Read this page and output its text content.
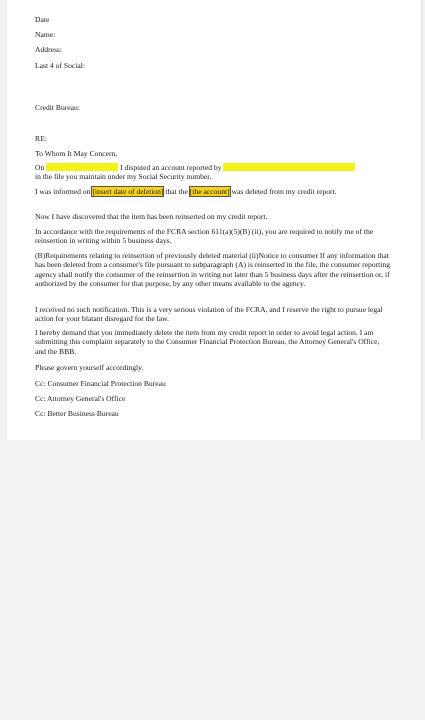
Date
Name:
Address:
Last 4 of Social:
Credit Bureau:
RE:
To Whom It May Concern,
On	I disputed an account reported by
in the file you maintain under my Social Security number.
I was informed on [insert date of deletion] that the [the account] was deleted from my credit report.
Now I have discovered that the item has been reinserted on my credit report.
In accordance with the requirements of the FCRA section 611(a)(5)(B) (ii), you are required to notify me of the reinsertion in writing within 5 business days.
(B)Requirements relating to reinsertion of previously deleted material (ii)Notice to consumer If any information that has been deleted from a consumer's file pursuant to subparagraph (A) is reinserted in the file, the consumer reporting agency shall notify the consumer of the reinsertion in writing not later than 5 business days after the reinsertion or, if authorized by the consumer for that purpose, by any other means available to the agency.
I received no such notification. This is a very serious violation of the FCRA, and I reserve the right to pursue legal action for your blatant disregard for the law.
I hereby demand that you immediately delete the item from my credit report in order to avoid legal action. I am submitting this complaint separately to the Consumer Financial Protection Bureau, the Attorney General's Office, and the BBB.
Please govern yourself accordingly.
Cc: Consumer Financial Protection Bureau
Cc: Attorney General's Office
Cc: Better Business Bureau
